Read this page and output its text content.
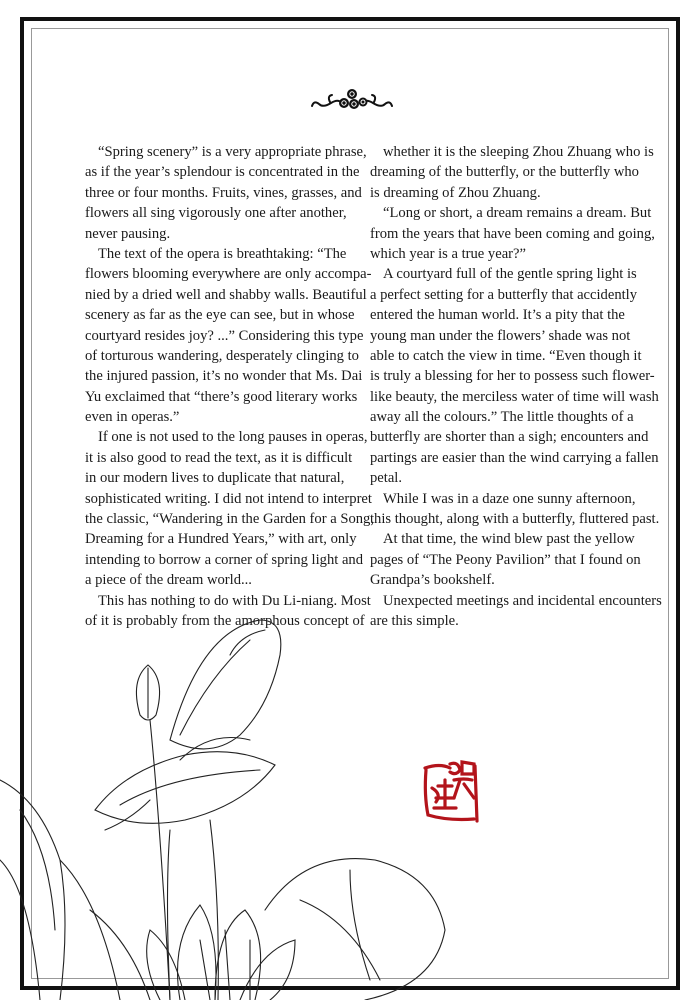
“Spring scenery” is a very appropriate phrase,
as if the year’s splendour is concentrated in the
three or four months. Fruits, vines, grasses, and
flowers all sing vigorously one after another,
never pausing.
The text of the opera is breathtaking: “The
flowers blooming everywhere are only accompa-
nied by a dried well and shabby walls. Beautiful
scenery as far as the eye can see, but in whose
courtyard resides joy? ...” Considering this type
of torturous wandering, desperately clinging to
the injured passion, it’s no wonder that Ms. Dai
Yu exclaimed that “there’s good literary works
even in operas.”
If one is not used to the long pauses in operas,
it is also good to read the text, as it is difficult
in our modern lives to duplicate that natural,
sophisticated writing. I did not intend to interpret
the classic, “Wandering in the Garden for a Song,
Dreaming for a Hundred Years,” with art, only
intending to borrow a corner of spring light and
a piece of the dream world...
This has nothing to do with Du Li-niang. Most
of it is probably from the amorphous concept of
whether it is the sleeping Zhou Zhuang who is
dreaming of the butterfly, or the butterfly who
is dreaming of Zhou Zhuang.
“Long or short, a dream remains a dream. But
from the years that have been coming and going,
which year is a true year?”
A courtyard full of the gentle spring light is
a perfect setting for a butterfly that accidently
entered the human world. It’s a pity that the
young man under the flowers’ shade was not
able to catch the view in time. “Even though it
is truly a blessing for her to possess such flower-
like beauty, the merciless water of time will wash
away all the colours.” The little thoughts of a
butterfly are shorter than a sigh; encounters and
partings are easier than the wind carrying a fallen
petal.
While I was in a daze one sunny afternoon,
this thought, along with a butterfly, fluttered past.
At that time, the wind blew past the yellow
pages of “The Peony Pavilion” that I found on
Grandpa’s bookshelf.
Unexpected meetings and incidental encounters
are this simple.
